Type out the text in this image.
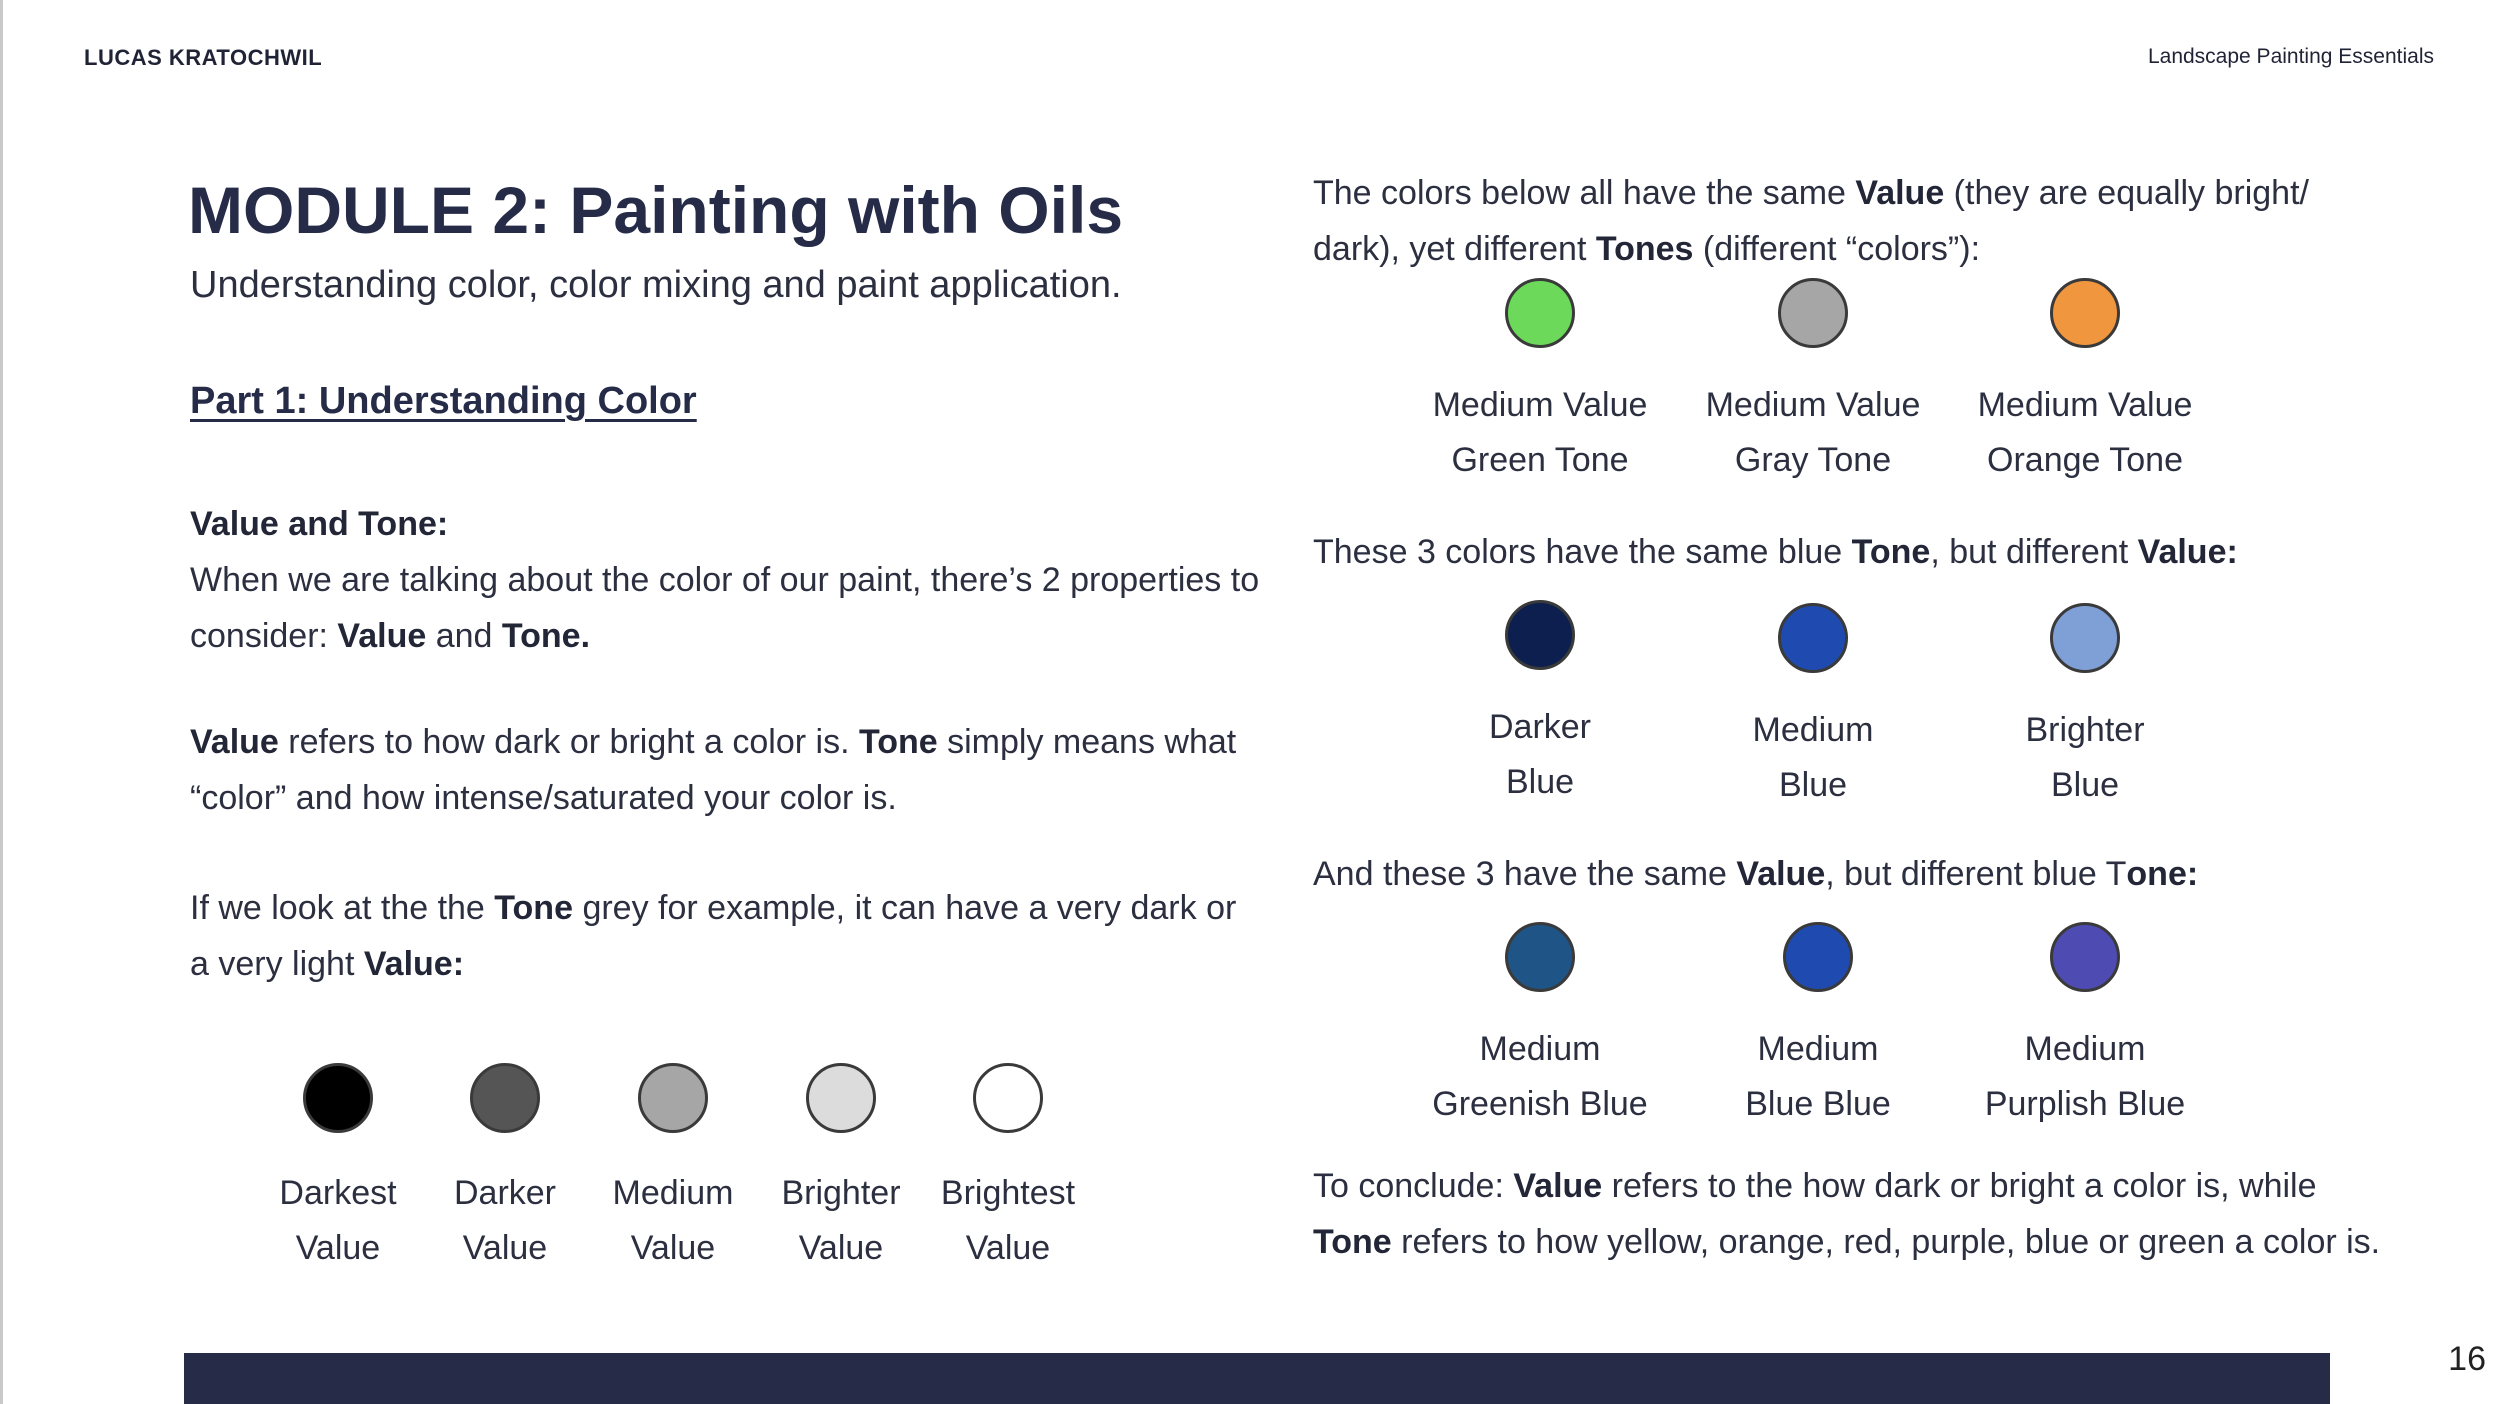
LUCAS KRATOCHWIL	Landscape Painting Essentials
MODULE 2: Painting with Oils
Understanding color, color mixing and paint application.
Part 1: Understanding Color
Value and Tone:
When we are talking about the color of our paint, there’s 2 properties to
consider: Value and Tone.
Value refers to how dark or bright a color is. Tone simply means what
“color” and how intense/saturated your color is.
If we look at the the Tone grey for example, it can have a very dark or
a very light Value:
Darkest
Value
Darker
Value
Medium
Value
Brighter
Value
Brightest
Value
The colors below all have the same Value (they are equally bright/
dark), yet different Tones (different “colors”):
Medium Value
Green Tone
Medium Value
Gray Tone
Medium Value
Orange Tone
These 3 colors have the same blue Tone, but different Value:
Darker
Blue
Medium
Blue
Brighter
Blue
And these 3 have the same Value, but different blue Tone:
Medium
Greenish Blue
Medium
Blue Blue
Medium
Purplish Blue
To conclude: Value refers to the how dark or bright a color is, while
Tone refers to how yellow, orange, red, purple, blue or green a color is.
16
